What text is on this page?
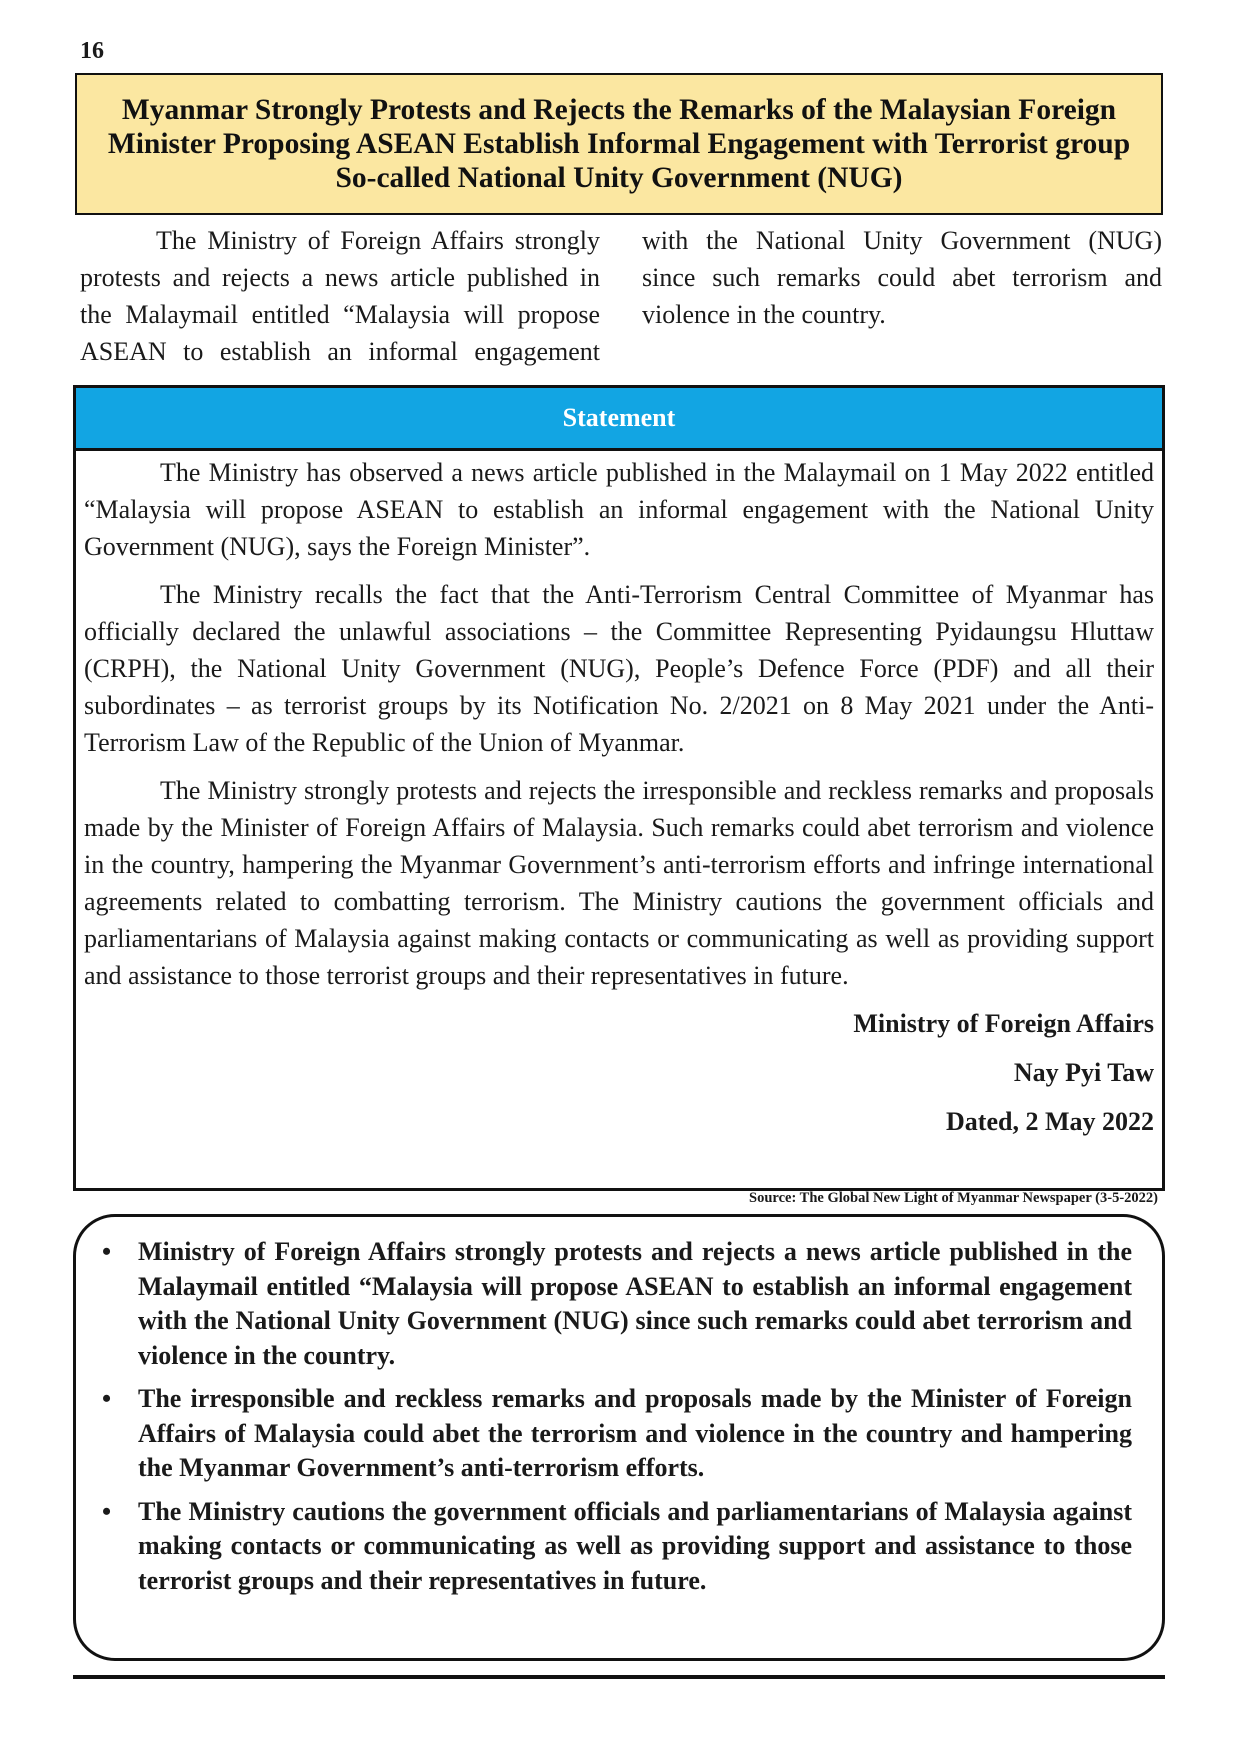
16
Myanmar Strongly Protests and Rejects the Remarks of the Malaysian Foreign Minister Proposing ASEAN Establish Informal Engagement with Terrorist group So-called National Unity Government (NUG)

The Ministry of Foreign Affairs strongly protests and rejects a news article published in the Malaymail entitled “Malaysia will propose ASEAN to establish an informal engagement with the National Unity Government (NUG) since such remarks could abet terrorism and violence in the country.

Statement

The Ministry has observed a news article published in the Malaymail on 1 May 2022 entitled “Malaysia will propose ASEAN to establish an informal engagement with the National Unity Government (NUG), says the Foreign Minister”.

The Ministry recalls the fact that the Anti-Terrorism Central Committee of Myanmar has officially declared the unlawful associations – the Committee Representing Pyidaungsu Hluttaw (CRPH), the National Unity Government (NUG), People’s Defence Force (PDF) and all their subordinates – as terrorist groups by its Notification No. 2/2021 on 8 May 2021 under the Anti-Terrorism Law of the Republic of the Union of Myanmar.

The Ministry strongly protests and rejects the irresponsible and reckless remarks and proposals made by the Minister of Foreign Affairs of Malaysia. Such remarks could abet terrorism and violence in the country, hampering the Myanmar Government’s anti-terrorism efforts and infringe international agreements related to combatting terrorism. The Ministry cautions the government officials and parliamentarians of Malaysia against making contacts or communicating as well as providing support and assistance to those terrorist groups and their representatives in future.

Ministry of Foreign Affairs
Nay Pyi Taw
Dated, 2 May 2022
Source: The Global New Light of Myanmar Newspaper (3-5-2022)
• Ministry of Foreign Affairs strongly protests and rejects a news article published in the Malaymail entitled “Malaysia will propose ASEAN to establish an informal engagement with the National Unity Government (NUG) since such remarks could abet terrorism and violence in the country.
• The irresponsible and reckless remarks and proposals made by the Minister of Foreign Affairs of Malaysia could abet the terrorism and violence in the country and hampering the Myanmar Government’s anti-terrorism efforts.
• The Ministry cautions the government officials and parliamentarians of Malaysia against making contacts or communicating as well as providing support and assistance to those terrorist groups and their representatives in future.
